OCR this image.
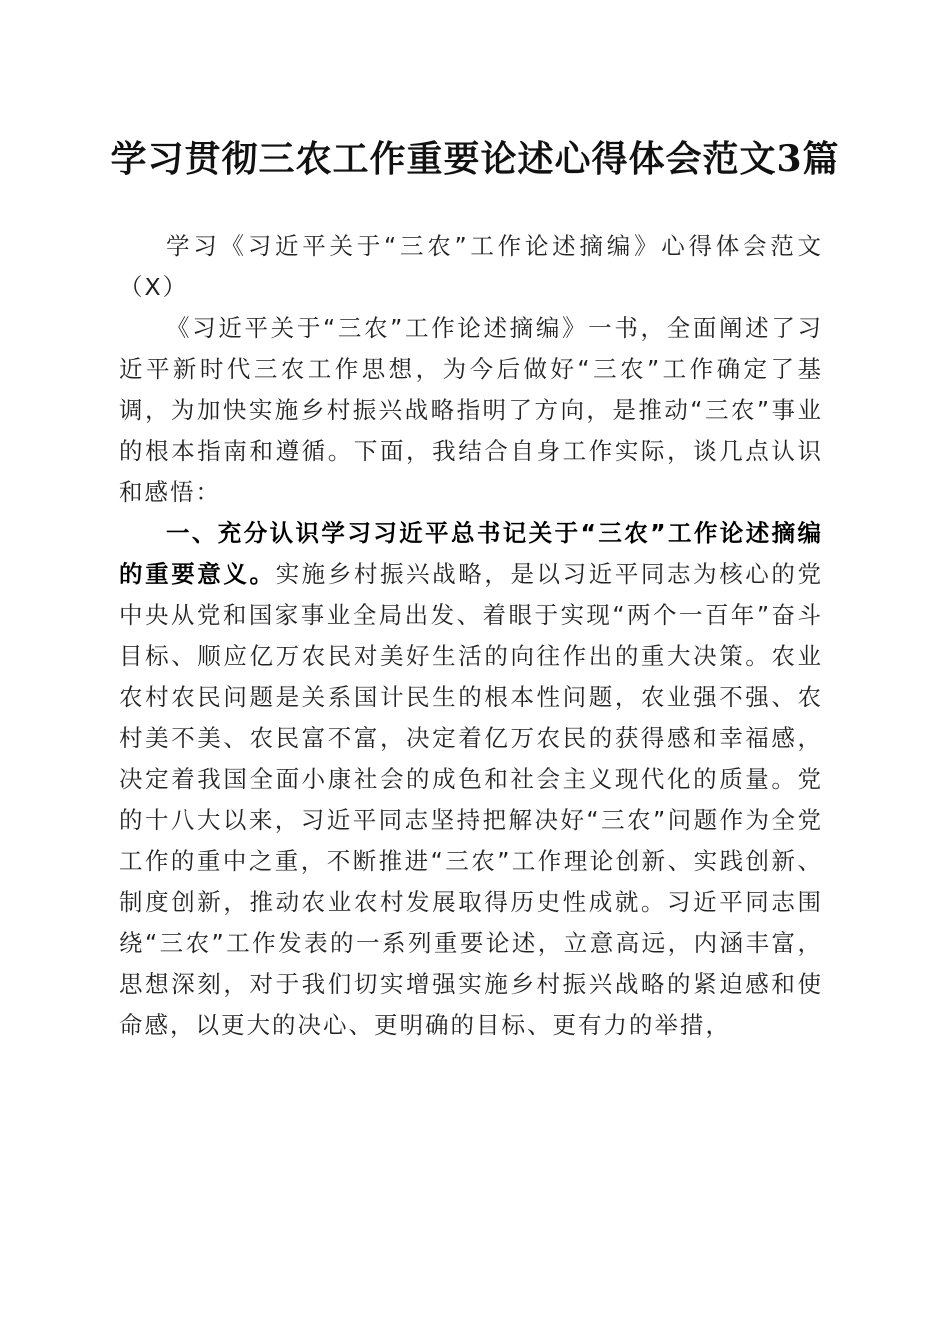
学习贯彻三农工作重要论述心得体会范文3篇

学习《习近平关于“三农”工作论述摘编》心得体会范文（X）

《习近平关于“三农”工作论述摘编》一书，全面阐述了习近平新时代三农工作思想，为今后做好“三农”工作确定了基调，为加快实施乡村振兴战略指明了方向，是推动“三农”事业的根本指南和遵循。下面，我结合自身工作实际，谈几点认识和感悟：

一、充分认识学习习近平总书记关于“三农”工作论述摘编的重要意义。实施乡村振兴战略，是以习近平同志为核心的党中央从党和国家事业全局出发、着眼于实现“两个一百年”奋斗目标、顺应亿万农民对美好生活的向往作出的重大决策。农业农村农民问题是关系国计民生的根本性问题，农业强不强、农村美不美、农民富不富，决定着亿万农民的获得感和幸福感，决定着我国全面小康社会的成色和社会主义现代化的质量。党的十八大以来，习近平同志坚持把解决好“三农”问题作为全党工作的重中之重，不断推进“三农”工作理论创新、实践创新、制度创新，推动农业农村发展取得历史性成就。习近平同志围绕“三农”工作发表的一系列重要论述，立意高远，内涵丰富，思想深刻，对于我们切实增强实施乡村振兴战略的紧迫感和使命感，以更大的决心、更明确的目标、更有力的举措，
